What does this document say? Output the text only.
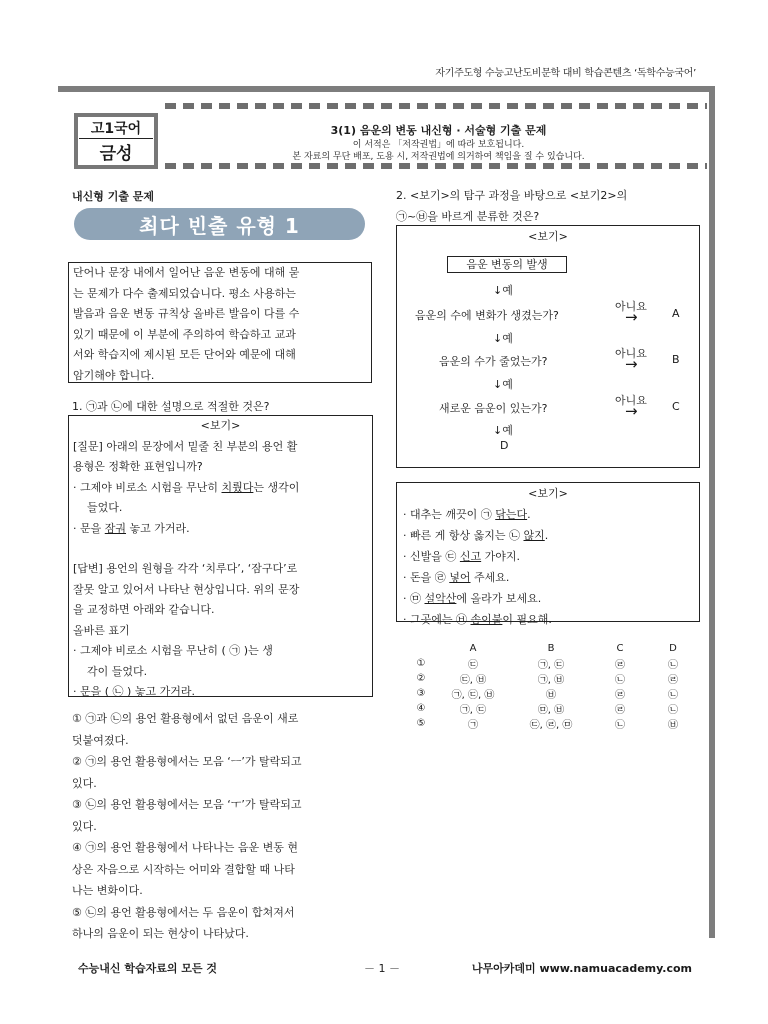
자기주도형 수능고난도비문학 대비 학습콘텐츠 ‘독학수능국어’
고1국어
금성
3(1) 음운의 변동 내신형 · 서술형 기출 문제
이 서적은 「저작권법」에 따라 보호됩니다.
본 자료의 무단 배포, 도용 시, 저작권법에 의거하여 책임을 질 수 있습니다.
내신형 기출 문제
최다 빈출 유형 1
단어나 문장 내에서 일어난 음운 변동에 대해 묻
는 문제가 다수 출제되었습니다. 평소 사용하는
발음과 음운 변동 규칙상 올바른 발음이 다를 수
있기 때문에 이 부분에 주의하여 학습하고 교과
서와 학습지에 제시된 모든 단어와 예문에 대해
암기해야 합니다.
1. ㉠과 ㉡에 대한 설명으로 적절한 것은?
<보기>
[질문] 아래의 문장에서 밑줄 친 부분의 용언 활
용형은 정확한 표현입니까?
· 그제야 비로소 시험을 무난히 치뤘다는 생각이
들었다.
· 문을 잠궈 놓고 가거라.
[답변] 용언의 원형을 각각 ‘치루다’, ‘잠구다’로
잘못 알고 있어서 나타난 현상입니다. 위의 문장
을 교정하면 아래와 같습니다.
올바른 표기
· 그제야 비로소 시험을 무난히 ( ㉠ )는 생
각이 들었다.
· 문을 ( ㉡ ) 놓고 가거라.
① ㉠과 ㉡의 용언 활용형에서 없던 음운이 새로
덧붙여졌다.
② ㉠의 용언 활용형에서는 모음 ‘ㅡ’가 탈락되고
있다.
③ ㉡의 용언 활용형에서는 모음 ‘ㅜ’가 탈락되고
있다.
④ ㉠의 용언 활용형에서 나타나는 음운 변동 현
상은 자음으로 시작하는 어미와 결합할 때 나타
나는 변화이다.
⑤ ㉡의 용언 활용형에서는 두 음운이 합쳐져서
하나의 음운이 되는 현상이 나타났다.
2. <보기>의 탐구 과정을 바탕으로 <보기2>의
㉠~㉥을 바르게 분류한 것은?
<보기>
음운 변동의 발생
↓예
음운의 수에 변화가 생겼는가?
아니요
→	A
↓예
음운의 수가 줄었는가?
아니요
→	B
↓예
새로운 음운이 있는가?
아니요
→	C
↓예
D
<보기>
· 대추는 깨끗이 ㉠ 닦는다.
· 빠른 게 항상 옳지는 ㉡ 않지.
· 신발을 ㉢ 신고 가야지.
· 돈을 ㉣ 넣어 주세요.
· ㉤ 설악산에 올라가 보세요.
· 그곳에는 ㉥ 솜이불이 필요해.
	A	B	C	D
①	㉢	㉠, ㉢	㉣	㉡
②	㉢, ㉥	㉠, ㉥	㉡	㉣
③	㉠, ㉢, ㉥	㉥	㉣	㉡
④	㉠, ㉢	㉤, ㉥	㉣	㉡
⑤	㉠	㉢, ㉣, ㉤	㉡	㉥
수능내신 학습자료의 모든 것	－ 1 －	나무아카데미 www.namuacademy.com
